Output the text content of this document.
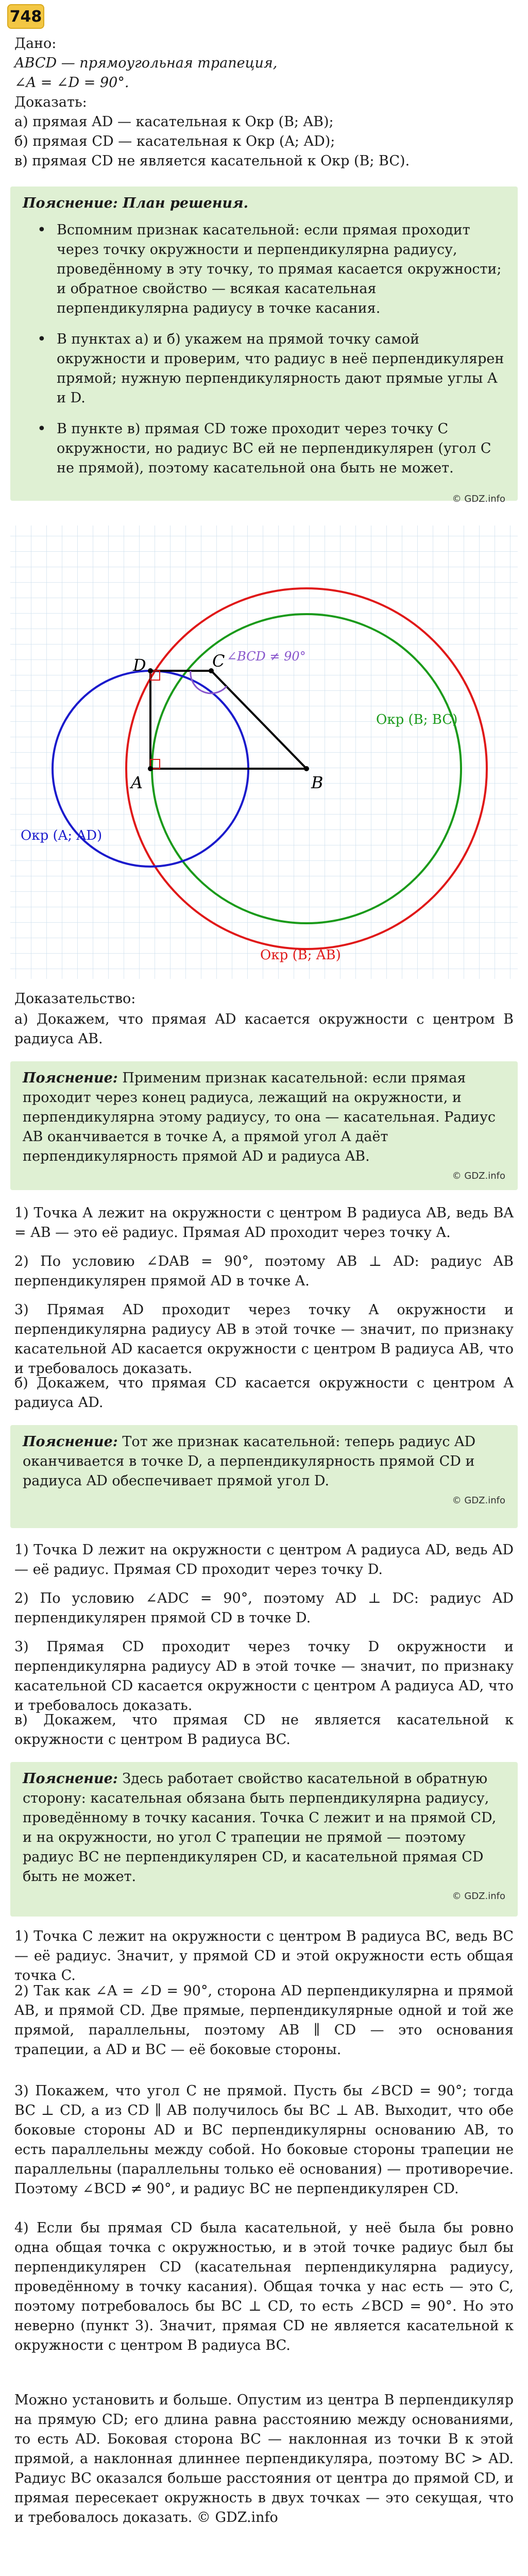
748

Дано:

ABCD — прямоугольная трапеция,

∠A = ∠D = 90°.

Доказать:

а) прямая AD — касательная к Окр (B; AB);

б) прямая CD — касательная к Окр (A; AD);

в) прямая CD не является касательной к Окр (B; BC).

Пояснение: План решения.
• Вспомним признак касательной: если прямая проходит через точку окружности и перпендикулярна радиусу, проведённому в эту точку, то прямая касается окружности; и обратное свойство — всякая касательная перпендикулярна радиусу в точке касания.
• В пунктах а) и б) укажем на прямой точку самой окружности и проверим, что радиус в неё перпендикулярен прямой; нужную перпендикулярность дают прямые углы A и D.
• В пункте в) прямая CD тоже проходит через точку C окружности, но радиус BC ей не перпендикулярен (угол C не прямой), поэтому касательной она быть не может.
© GDZ.info
D	C
A	B
∠BCD ≠ 90°
Окр (B; BC)
Окр (A; AD)
Окр (B; AB)
Доказательство:
а) Докажем, что прямая AD касается окружности с центром B радиуса AB.
Пояснение: Применим признак касательной: если прямая проходит через конец радиуса, лежащий на окружности, и перпендикулярна этому радиусу, то она — касательная. Радиус AB оканчивается в точке A, а прямой угол A даёт перпендикулярность прямой AD и радиуса AB.
© GDZ.info
1) Точка A лежит на окружности с центром B радиуса AB, ведь BA = AB — это её радиус. Прямая AD проходит через точку A.
2) По условию ∠DAB = 90°, поэтому AB ⊥ AD: радиус AB перпендикулярен прямой AD в точке A.
3) Прямая AD проходит через точку A окружности и перпендикулярна радиусу AB в этой точке — значит, по признаку касательной AD касается окружности с центром B радиуса AB, что и требовалось доказать.
б) Докажем, что прямая CD касается окружности с центром A радиуса AD.
Пояснение: Тот же признак касательной: теперь радиус AD оканчивается в точке D, а перпендикулярность прямой CD и радиуса AD обеспечивает прямой угол D.
© GDZ.info
1) Точка D лежит на окружности с центром A радиуса AD, ведь AD — её радиус. Прямая CD проходит через точку D.
2) По условию ∠ADC = 90°, поэтому AD ⊥ DC: радиус AD перпендикулярен прямой CD в точке D.
3) Прямая CD проходит через точку D окружности и перпендикулярна радиусу AD в этой точке — значит, по признаку касательной CD касается окружности с центром A радиуса AD, что и требовалось доказать.
в) Докажем, что прямая CD не является касательной к окружности с центром B радиуса BC.
Пояснение: Здесь работает свойство касательной в обратную сторону: касательная обязана быть перпендикулярна радиусу, проведённому в точку касания. Точка C лежит и на прямой CD, и на окружности, но угол C трапеции не прямой — поэтому радиус BC не перпендикулярен CD, и касательной прямая CD быть не может.
© GDZ.info
1) Точка C лежит на окружности с центром B радиуса BC, ведь BC — её радиус. Значит, у прямой CD и этой окружности есть общая точка C.
2) Так как ∠A = ∠D = 90°, сторона AD перпендикулярна и прямой AB, и прямой CD. Две прямые, перпендикулярные одной и той же прямой, параллельны, поэтому AB ∥ CD — это основания трапеции, а AD и BC — её боковые стороны.
3) Покажем, что угол C не прямой. Пусть бы ∠BCD = 90°; тогда BC ⊥ CD, а из CD ∥ AB получилось бы BC ⊥ AB. Выходит, что обе боковые стороны AD и BC перпендикулярны основанию AB, то есть параллельны между собой. Но боковые стороны трапеции не параллельны (параллельны только её основания) — противоречие. Поэтому ∠BCD ≠ 90°, и радиус BC не перпендикулярен CD.
4) Если бы прямая CD была касательной, у неё была бы ровно одна общая точка с окружностью, и в этой точке радиус был бы перпендикулярен CD (касательная перпендикулярна радиусу, проведённому в точку касания). Общая точка у нас есть — это C, поэтому потребовалось бы BC ⊥ CD, то есть ∠BCD = 90°. Но это неверно (пункт 3). Значит, прямая CD не является касательной к окружности с центром B радиуса BC.
Можно установить и больше. Опустим из центра B перпендикуляр на прямую CD; его длина равна расстоянию между основаниями, то есть AD. Боковая сторона BC — наклонная из точки B к этой прямой, а наклонная длиннее перпендикуляра, поэтому BC > AD. Радиус BC оказался больше расстояния от центра до прямой CD, и прямая пересекает окружность в двух точках — это секущая, что и требовалось доказать. © GDZ.info
